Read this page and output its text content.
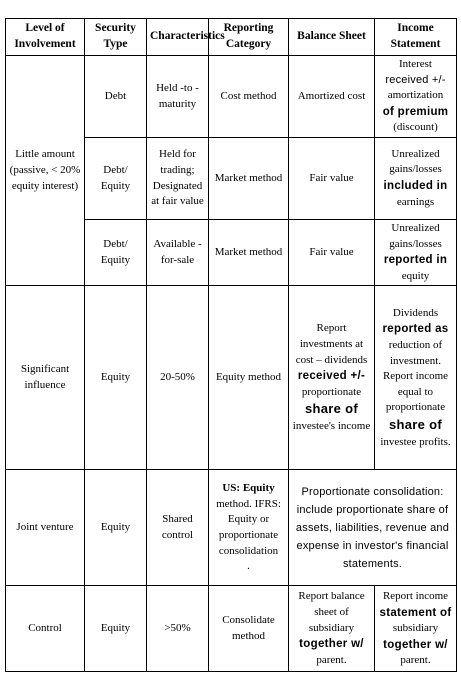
Level of Involvement	Security Type	Characteristics	Reporting Category	Balance Sheet	Income Statement
Little amount (passive, < 20% equity interest)	Debt	Held -to - maturity	Cost method	Amortized cost	Interest
received +/-
amortization
of premium
(discount)
	Debt/ Equity	Held for trading; Designated at fair value	Market method	Fair value	Unrealized gains/losses
included in
earnings
	Debt/ Equity	Available - for-sale	Market method	Fair value	Unrealized gains/losses
reported in
equity
Significant influence	Equity	20-50%	Equity method	Report investments at cost – dividends
received +/-
proportionate
share of
investee's income	Dividends
reported as
reduction of investment. Report income equal to proportionate
share of
investee profits.
Joint venture	Equity	Shared control	US: Equity
method. IFRS: Equity or proportionate consolidation
.	Proportionate consolidation: include proportionate share of assets, liabilities, revenue and expense in investor's financial statements.	
Control	Equity	>50%	Consolidate method	Report balance sheet of subsidiary
together w/
parent.	Report income
statement of
subsidiary
together w/
parent.
